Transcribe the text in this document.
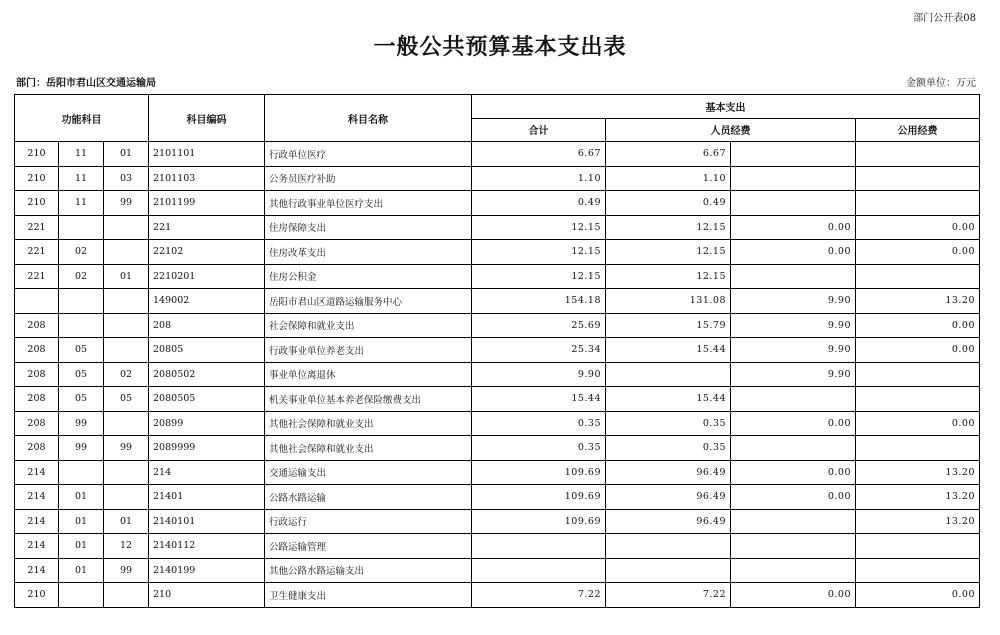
部门公开表08
一般公共预算基本支出表
部门：岳阳市君山区交通运输局	金额单位：万元
功能科目			科目编码	科目名称	基本支出			
					合计	人员经费		公用经费
210	11	01	2101101	行政单位医疗	6.67	6.67		
210	11	03	2101103	公务员医疗补助	1.10	1.10		
210	11	99	2101199	其他行政事业单位医疗支出	0.49	0.49		
221			221	住房保障支出	12.15	12.15	0.00	0.00
221	02		22102	住房改革支出	12.15	12.15	0.00	0.00
221	02	01	2210201	住房公积金	12.15	12.15		
			149002	岳阳市君山区道路运输服务中心	154.18	131.08	9.90	13.20
208			208	社会保障和就业支出	25.69	15.79	9.90	0.00
208	05		20805	行政事业单位养老支出	25.34	15.44	9.90	0.00
208	05	02	2080502	事业单位离退休	9.90		9.90	
208	05	05	2080505	机关事业单位基本养老保险缴费支出	15.44	15.44		
208	99		20899	其他社会保障和就业支出	0.35	0.35	0.00	0.00
208	99	99	2089999	其他社会保障和就业支出	0.35	0.35		
214			214	交通运输支出	109.69	96.49	0.00	13.20
214	01		21401	公路水路运输	109.69	96.49	0.00	13.20
214	01	01	2140101	行政运行	109.69	96.49		13.20
214	01	12	2140112	公路运输管理				
214	01	99	2140199	其他公路水路运输支出				
210			210	卫生健康支出	7.22	7.22	0.00	0.00
